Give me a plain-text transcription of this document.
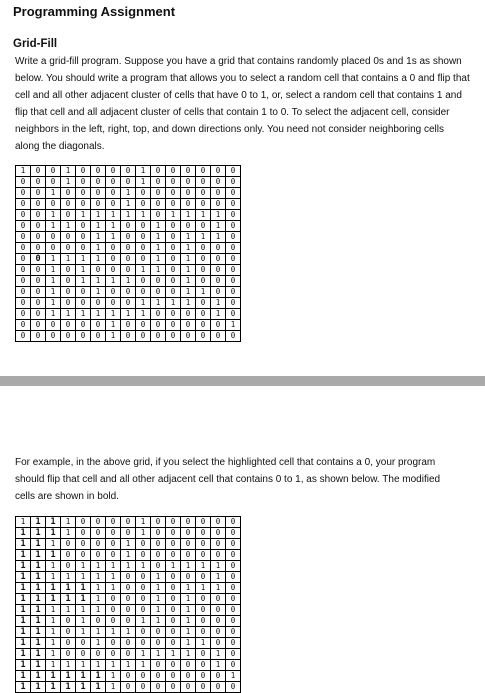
Programming Assignment
Grid-Fill

Write a grid-fill program. Suppose you have a grid that contains randomly placed 0s and 1s as shown below. You should write a program that allows you to select a random cell that contains a 0 and flip that cell and all other adjacent cluster of cells that have 0 to 1, or, select a random cell that contains 1 and flip that cell and all adjacent cluster of cells that contain 1 to 0. To select the adjacent cell, consider neighbors in the left, right, top, and down directions only. You need not consider neighboring cells along the diagonals.

1	0	0	1	0	0	0	0	1	0	0	0	0	0	0
0	0	0	1	0	0	0	0	1	0	0	0	0	0	0
0	0	1	0	0	0	0	1	0	0	0	0	0	0	0
0	0	0	0	0	0	0	1	0	0	0	0	0	0	0
0	0	1	0	1	1	1	1	1	0	1	1	1	1	0
0	0	1	1	0	1	1	0	0	1	0	0	0	1	0
0	0	0	0	0	1	1	0	0	1	0	1	1	1	0
0	0	0	0	0	1	0	0	0	1	0	1	0	0	0
0	0	1	1	1	1	0	0	0	1	0	1	0	0	0
0	0	1	0	1	0	0	0	1	1	0	1	0	0	0
0	0	1	0	1	1	1	1	0	0	0	1	0	0	0
0	0	1	0	0	1	0	0	0	0	0	1	1	0	0
0	0	1	0	0	0	0	0	1	1	1	1	0	1	0
0	0	1	1	1	1	1	1	1	0	0	0	0	1	0
0	0	0	0	0	0	1	0	0	0	0	0	0	0	1
0	0	0	0	0	0	1	0	0	0	0	0	0	0	0

For example, in the above grid, if you select the highlighted cell that contains a 0, your program should flip that cell and all other adjacent cell that contains 0 to 1, as shown below. The modified cells are shown in bold.

1	1	1	1	0	0	0	0	1	0	0	0	0	0	0
1	1	1	1	0	0	0	0	1	0	0	0	0	0	0
1	1	1	0	0	0	0	1	0	0	0	0	0	0	0
1	1	1	0	0	0	0	1	0	0	0	0	0	0	0
1	1	1	0	1	1	1	1	1	0	1	1	1	1	0
1	1	1	1	1	1	1	0	0	1	0	0	0	1	0
1	1	1	1	1	1	1	0	0	1	0	1	1	1	0
1	1	1	1	1	1	0	0	0	1	0	1	0	0	0
1	1	1	1	1	1	0	0	0	1	0	1	0	0	0
1	1	1	0	1	0	0	0	1	1	0	1	0	0	0
1	1	1	0	1	1	1	1	0	0	0	1	0	0	0
1	1	1	0	0	1	0	0	0	0	0	1	1	0	0
1	1	1	0	0	0	0	0	1	1	1	1	0	1	0
1	1	1	1	1	1	1	1	1	0	0	0	0	1	0
1	1	1	1	1	1	1	0	0	0	0	0	0	0	1
1	1	1	1	1	1	1	0	0	0	0	0	0	0	0
